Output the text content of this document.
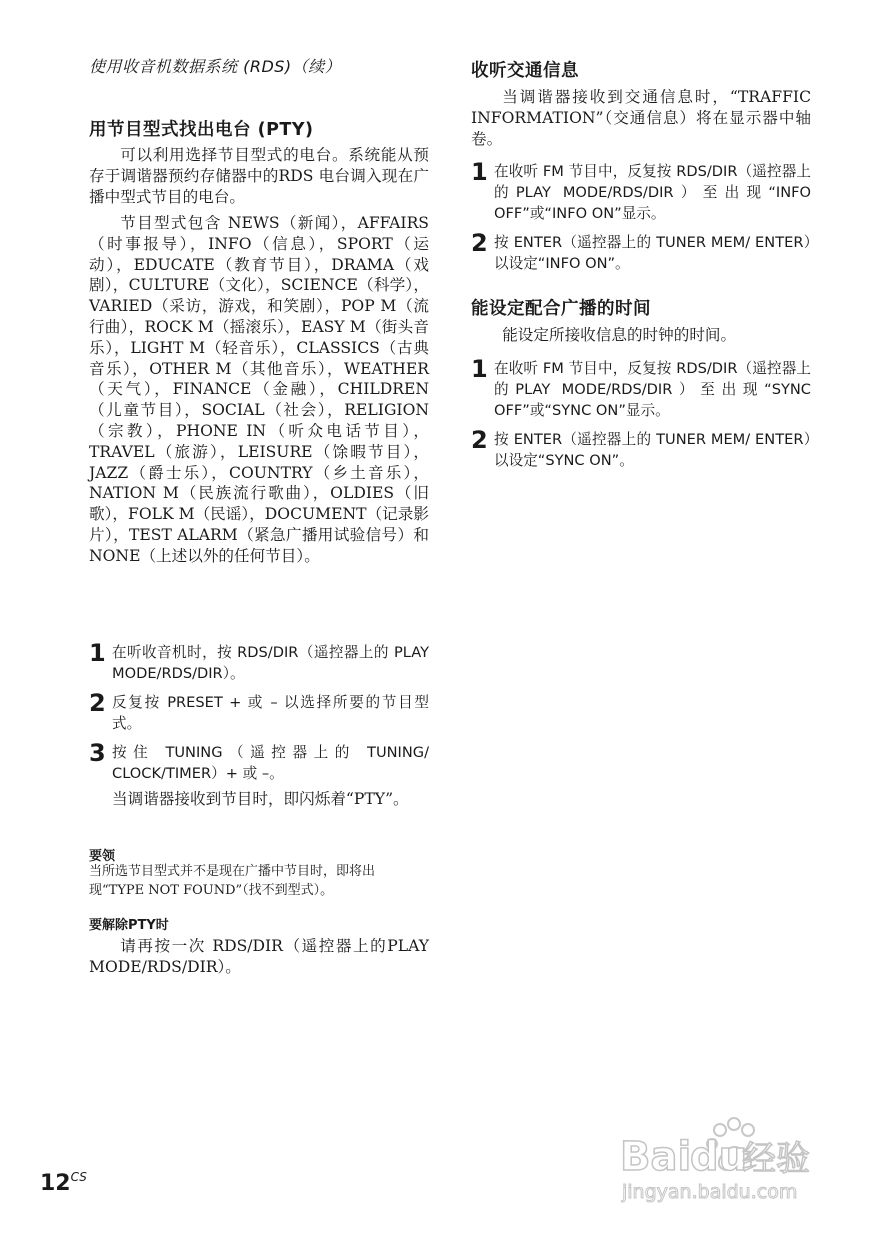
使用收音机数据系统 (RDS)（续）
用节目型式找出电台 (PTY)

可以利用选择节目型式的电台。系统能从预存于调谐器预约存储器中的RDS 电台调入现在广播中型式节目的电台。

节目型式包含 NEWS（新闻），AFFAIRS（时事报导），INFO（信息），SPORT（运动），EDUCATE（教育节目），DRAMA（戏剧），CULTURE（文化），SCIENCE（科学），VARIED（采访，游戏，和笑剧），POP M（流行曲），ROCK M（摇滚乐），EASY M（街头音乐），LIGHT M（轻音乐），CLASSICS（古典音乐），OTHER M（其他音乐），WEATHER（天气），FINANCE（金融），CHILDREN（儿童节目），SOCIAL（社会），RELIGION（宗教），PHONE IN（听众电话节目），TRAVEL（旅游），LEISURE（馀暇节目），JAZZ（爵士乐），COUNTRY（乡土音乐），NATION M（民族流行歌曲），OLDIES（旧歌），FOLK M（民谣），DOCUMENT（记录影片），TEST ALARM（紧急广播用试验信号）和NONE（上述以外的任何节目）。

1 在听收音机时，按 RDS/DIR（遥控器上的 PLAY MODE/RDS/DIR）。
2 反复按 PRESET + 或 – 以选择所要的节目型式。
3 按住 TUNING（遥控器上的 TUNING/ CLOCK/TIMER）+ 或 –。

当调谐器接收到节目时，即闪烁着“PTY”。

要领

当所选节目型式并不是现在广播中节目时，即将出现“TYPE NOT FOUND”（找不到型式）。

要解除PTY时

请再按一次 RDS/DIR（遥控器上的PLAY MODE/RDS/DIR）。

收听交通信息

当调谐器接收到交通信息时，“TRAFFIC INFORMATION”（交通信息）将在显示器中轴卷。

1 在收听 FM 节目中，反复按 RDS/DIR（遥控器上的PLAY MODE/RDS/DIR）至出现“INFO OFF”或“INFO ON”显示。
2 按 ENTER（遥控器上的 TUNER MEM/ ENTER）以设定“INFO ON”。
能设定配合广播的时间

能设定所接收信息的时钟的时间。

1 在收听 FM 节目中，反复按 RDS/DIR（遥控器上的PLAY MODE/RDS/DIR）至出现“SYNC OFF”或“SYNC ON”显示。
2 按 ENTER（遥控器上的 TUNER MEM/ ENTER）以设定“SYNC ON”。
$12^{CS}$	Bai
du
经验
jingyan.baidu.com
